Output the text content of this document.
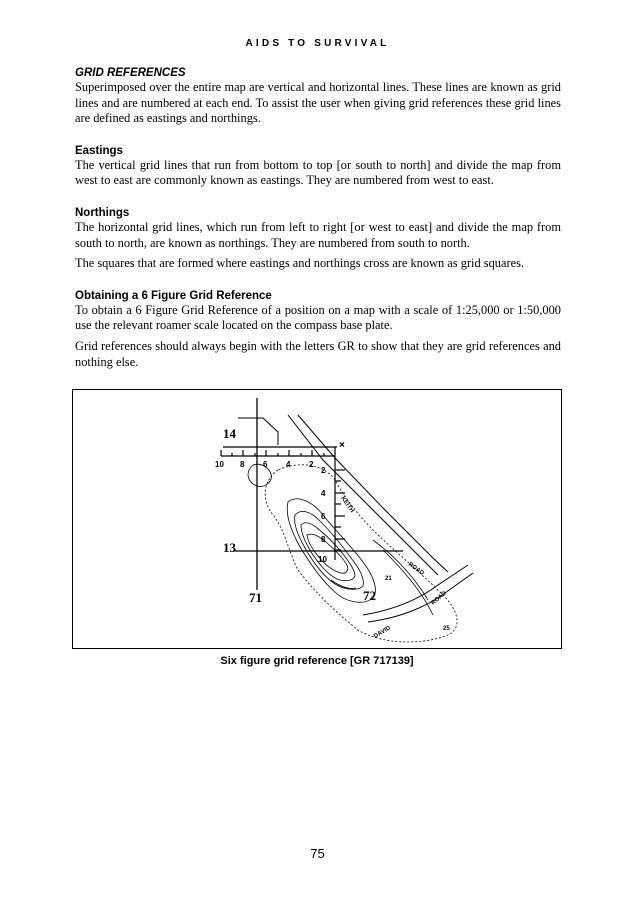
AIDS TO SURVIVAL
GRID REFERENCES

Superimposed over the entire map are vertical and horizontal lines. These lines are known as grid lines and are numbered at each end. To assist the user when giving grid references these grid lines are defined as eastings and northings.

Eastings

The vertical grid lines that run from bottom to top [or south to north] and divide the map from west to east are commonly known as eastings. They are numbered from west to east.

Northings

The horizontal grid lines, which run from left to right [or west to east] and divide the map from south to north, are known as northings. They are numbered from south to north.

The squares that are formed where eastings and northings cross are known as grid squares.

Obtaining a 6 Figure Grid Reference

To obtain a 6 Figure Grid Reference of a position on a map with a scale of 1:25,000 or 1:50,000 use the relevant roamer scale located on the compass base plate.

Grid references should always begin with the letters GR to show that they are grid references and nothing else.

14
13
71	72
10 8 6 4 2
2
4
6
8
10
×
KEITH
ROAD
ROAD
DAVID
21
25
Six figure grid reference [GR 717139]
75
